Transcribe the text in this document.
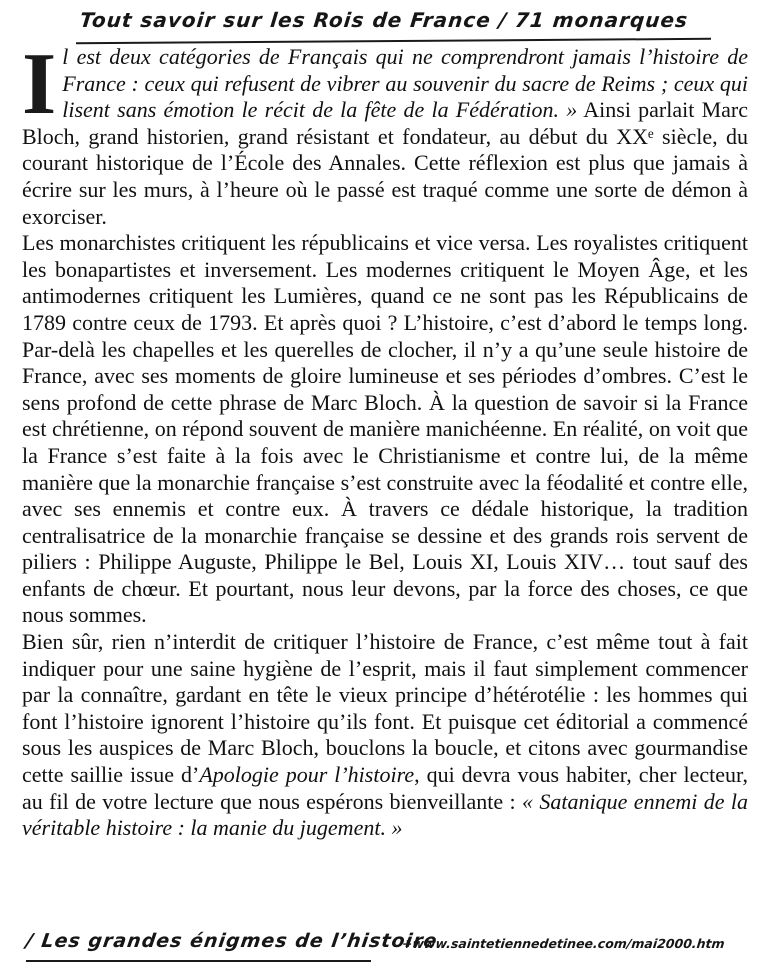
Tout savoir sur les Rois de France / 71 monarques

Il est deux catégories de Français qui ne comprendront jamais l’histoire de France : ceux qui refusent de vibrer au souvenir du sacre de Reims ; ceux qui lisent sans émotion le récit de la fête de la Fédération. » Ainsi parlait Marc Bloch, grand historien, grand résistant et fondateur, au début du XXᵉ siècle, du courant historique de l’École des Annales. Cette réflexion est plus que jamais à écrire sur les murs, à l’heure où le passé est traqué comme une sorte de démon à exorciser.

Les monarchistes critiquent les républicains et vice versa. Les royalistes critiquent les bonapartistes et inversement. Les modernes critiquent le Moyen Âge, et les antimodernes critiquent les Lumières, quand ce ne sont pas les Républicains de 1789 contre ceux de 1793. Et après quoi ? L’histoire, c’est d’abord le temps long. Par-delà les chapelles et les querelles de clocher, il n’y a qu’une seule histoire de France, avec ses moments de gloire lumineuse et ses périodes d’ombres. C’est le sens profond de cette phrase de Marc Bloch. À la question de savoir si la France est chrétienne, on répond souvent de manière manichéenne. En réalité, on voit que la France s’est faite à la fois avec le Christianisme et contre lui, de la même manière que la monarchie française s’est construite avec la féodalité et contre elle, avec ses ennemis et contre eux. À travers ce dédale historique, la tradition centralisatrice de la monarchie française se dessine et des grands rois servent de piliers : Philippe Auguste, Philippe le Bel, Louis XI, Louis XIV… tout sauf des enfants de chœur. Et pourtant, nous leur devons, par la force des choses, ce que nous sommes.

Bien sûr, rien n’interdit de critiquer l’histoire de France, c’est même tout à fait indiquer pour une saine hygiène de l’esprit, mais il faut simplement commencer par la connaître, gardant en tête le vieux principe d’hétérotélie : les hommes qui font l’histoire ignorent l’histoire qu’ils font. Et puisque cet éditorial a commencé sous les auspices de Marc Bloch, bouclons la boucle, et citons avec gourmandise cette saillie issue d’Apologie pour l’histoire, qui devra vous habiter, cher lecteur, au fil de votre lecture que nous espérons bienveillante : « Satanique ennemi de la véritable histoire : la manie du jugement. »

/ Les grandes énigmes de l’histoire
+www.saintetiennedetinee.com/mai2000.htm
